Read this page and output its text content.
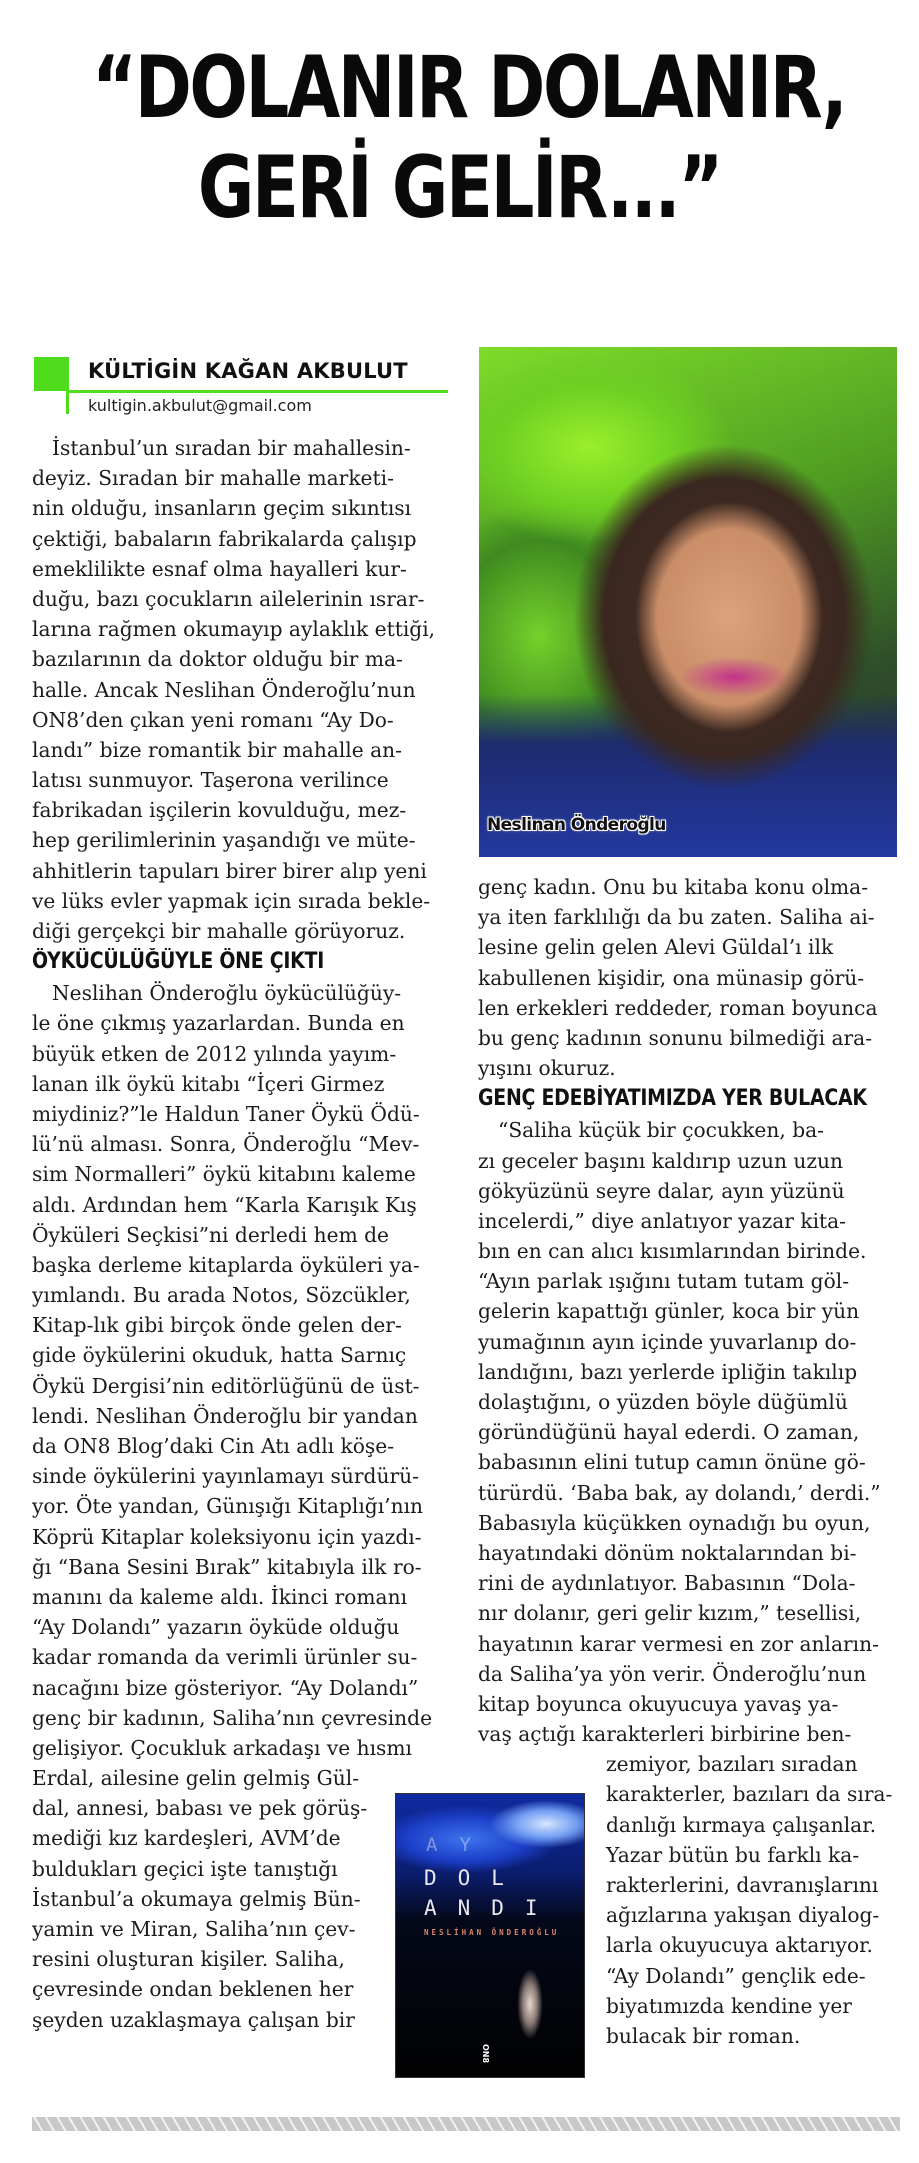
“DOLANIR DOLANIR,
GERİ GELİR...”
KÜLTİGİN KAĞAN AKBULUT
kultigin.akbulut@gmail.com
Neslinan Önderoğlu
İstanbul’un sıradan bir mahallesin-
deyiz. Sıradan bir mahalle marketi-
nin olduğu, insanların geçim sıkıntısı
çektiği, babaların fabrikalarda çalışıp
emeklilikte esnaf olma hayalleri kur-
duğu, bazı çocukların ailelerinin ısrar-
larına rağmen okumayıp aylaklık ettiği,
bazılarının da doktor olduğu bir ma-
halle. Ancak Neslihan Önderoğlu’nun
ON8’den çıkan yeni romanı “Ay Do-
landı” bize romantik bir mahalle an-
latısı sunmuyor. Taşerona verilince
fabrikadan işçilerin kovulduğu, mez-
hep gerilimlerinin yaşandığı ve müte-
ahhitlerin tapuları birer birer alıp yeni
ve lüks evler yapmak için sırada bekle-
diği gerçekçi bir mahalle görüyoruz.
ÖYKÜCÜLÜĞÜYLE ÖNE ÇIKTI
Neslihan Önderoğlu öykücülüğüy-
le öne çıkmış yazarlardan. Bunda en
büyük etken de 2012 yılında yayım-
lanan ilk öykü kitabı “İçeri Girmez
miydiniz?”le Haldun Taner Öykü Ödü-
lü’nü alması. Sonra, Önderoğlu “Mev-
sim Normalleri” öykü kitabını kaleme
aldı. Ardından hem “Karla Karışık Kış
Öyküleri Seçkisi”ni derledi hem de
başka derleme kitaplarda öyküleri ya-
yımlandı. Bu arada Notos, Sözcükler,
Kitap-lık gibi birçok önde gelen der-
gide öykülerini okuduk, hatta Sarnıç
Öykü Dergisi’nin editörlüğünü de üst-
lendi. Neslihan Önderoğlu bir yandan
da ON8 Blog’daki Cin Atı adlı köşe-
sinde öykülerini yayınlamayı sürdürü-
yor. Öte yandan, Günışığı Kitaplığı’nın
Köprü Kitaplar koleksiyonu için yazdı-
ğı “Bana Sesini Bırak” kitabıyla ilk ro-
manını da kaleme aldı. İkinci romanı
“Ay Dolandı” yazarın öyküde olduğu
kadar romanda da verimli ürünler su-
nacağını bize gösteriyor. “Ay Dolandı”
genç bir kadının, Saliha’nın çevresinde
gelişiyor. Çocukluk arkadaşı ve hısmı
Erdal, ailesine gelin gelmiş Gül-
dal, annesi, babası ve pek görüş-
mediği kız kardeşleri, AVM’de
buldukları geçici işte tanıştığı
İstanbul’a okumaya gelmiş Bün-
yamin ve Miran, Saliha’nın çev-
resini oluşturan kişiler. Saliha,
çevresinde ondan beklenen her
şeyden uzaklaşmaya çalışan bir
genç kadın. Onu bu kitaba konu olma-
ya iten farklılığı da bu zaten. Saliha ai-
lesine gelin gelen Alevi Güldal’ı ilk
kabullenen kişidir, ona münasip görü-
len erkekleri reddeder, roman boyunca
bu genç kadının sonunu bilmediği ara-
yışını okuruz.
GENÇ EDEBİYATIMIZDA YER BULACAK
“Saliha küçük bir çocukken, ba-
zı geceler başını kaldırıp uzun uzun
gökyüzünü seyre dalar, ayın yüzünü
incelerdi,” diye anlatıyor yazar kita-
bın en can alıcı kısımlarından birinde.
“Ayın parlak ışığını tutam tutam göl-
gelerin kapattığı günler, koca bir yün
yumağının ayın içinde yuvarlanıp do-
landığını, bazı yerlerde ipliğin takılıp
dolaştığını, o yüzden böyle düğümlü
göründüğünü hayal ederdi. O zaman,
babasının elini tutup camın önüne gö-
türürdü. ‘Baba bak, ay dolandı,’ derdi.”
Babasıyla küçükken oynadığı bu oyun,
hayatındaki dönüm noktalarından bi-
rini de aydınlatıyor. Babasının “Dola-
nır dolanır, geri gelir kızım,” tesellisi,
hayatının karar vermesi en zor anların-
da Saliha’ya yön verir. Önderoğlu’nun
kitap boyunca okuyucuya yavaş ya-
vaş açtığı karakterleri birbirine ben-
zemiyor, bazıları sıradan
karakterler, bazıları da sıra-
danlığı kırmaya çalışanlar.
Yazar bütün bu farklı ka-
rakterlerini, davranışlarını
ağızlarına yakışan diyalog-
larla okuyucuya aktarıyor.
“Ay Dolandı” gençlik ede-
biyatımızda kendine yer
bulacak bir roman.
AY
DOL
ANDI
NESLİHAN ÖNDEROĞLU
ON8
